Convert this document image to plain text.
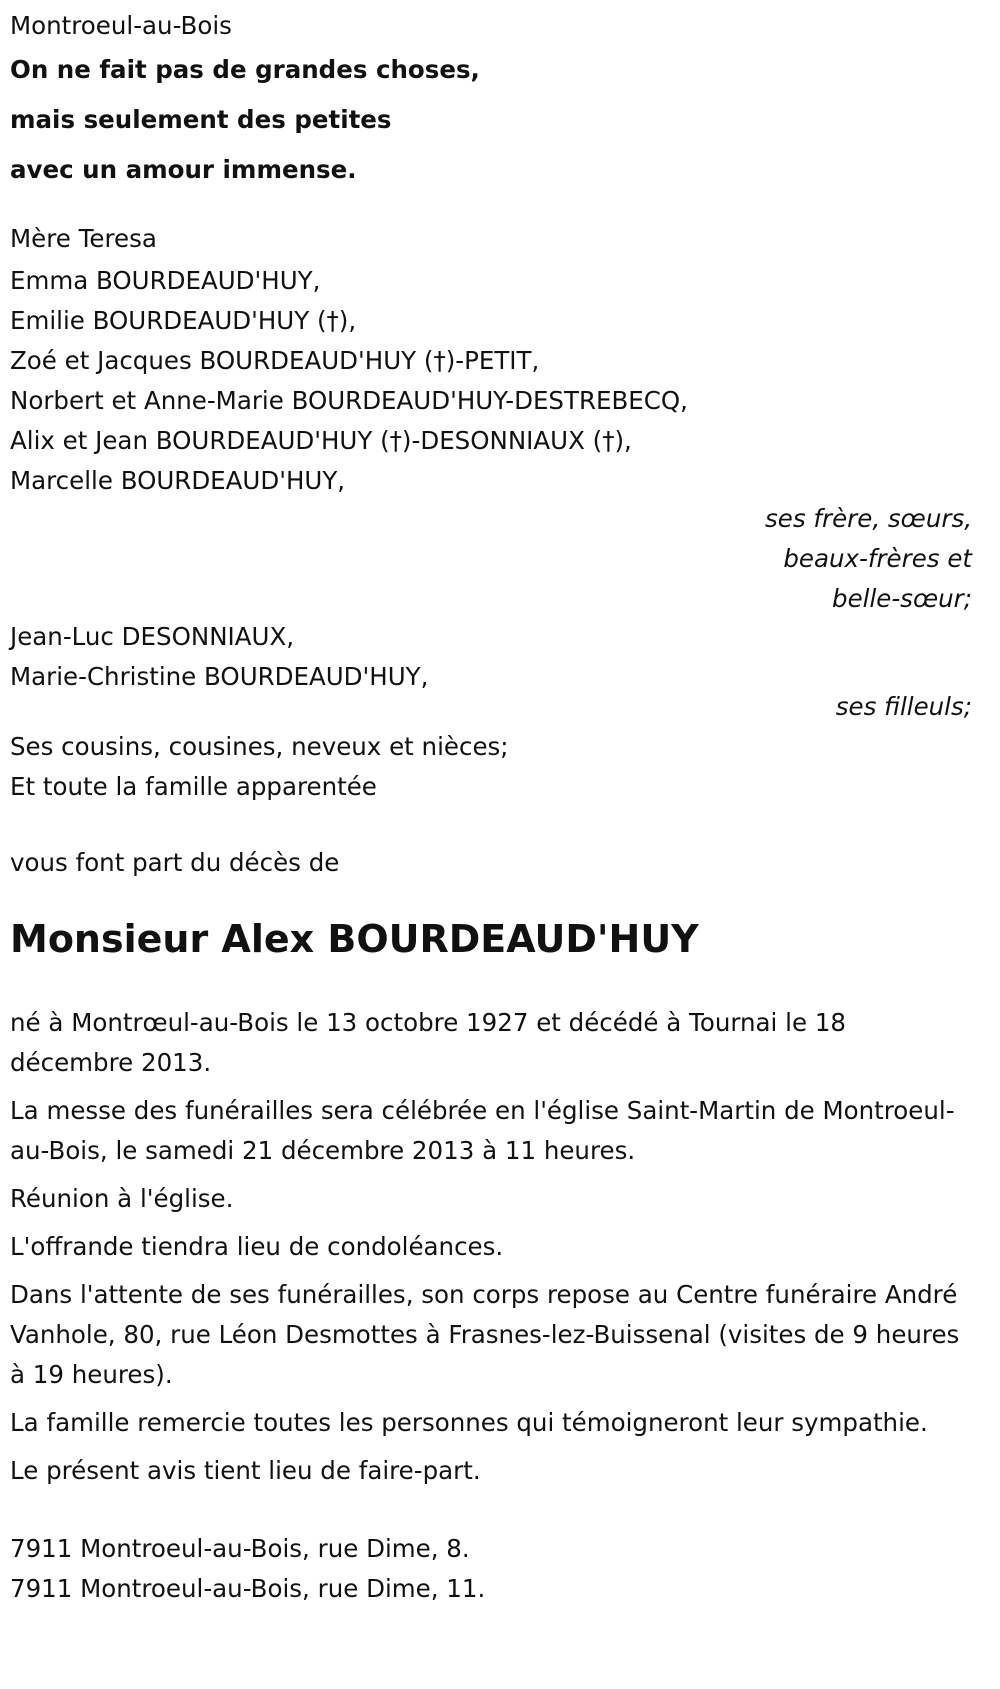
Montroeul-au-Bois
On ne fait pas de grandes choses,
mais seulement des petites
avec un amour immense.
Mère Teresa
Emma BOURDEAUD'HUY,
Emilie BOURDEAUD'HUY (†),
Zoé et Jacques BOURDEAUD'HUY (†)-PETIT,
Norbert et Anne-Marie BOURDEAUD'HUY-DESTREBECQ,
Alix et Jean BOURDEAUD'HUY (†)-DESONNIAUX (†),
Marcelle BOURDEAUD'HUY,
ses frère, sœurs,
beaux-frères et
belle-sœur;
Jean-Luc DESONNIAUX,
Marie-Christine BOURDEAUD'HUY,
ses filleuls;
Ses cousins, cousines, neveux et nièces;
Et toute la famille apparentée
vous font part du décès de
Monsieur Alex BOURDEAUD'HUY

né à Montrœul-au-Bois le 13 octobre 1927 et décédé à Tournai le 18 décembre 2013.

La messe des funérailles sera célébrée en l'église Saint-Martin de Montroeul-au-Bois, le samedi 21 décembre 2013 à 11 heures.

Réunion à l'église.

L'offrande tiendra lieu de condoléances.

Dans l'attente de ses funérailles, son corps repose au Centre funéraire André Vanhole, 80, rue Léon Desmottes à Frasnes-lez-Buissenal (visites de 9 heures à 19 heures).

La famille remercie toutes les personnes qui témoigneront leur sympathie.

Le présent avis tient lieu de faire-part.

7911 Montroeul-au-Bois, rue Dime, 8.
7911 Montroeul-au-Bois, rue Dime, 11.
